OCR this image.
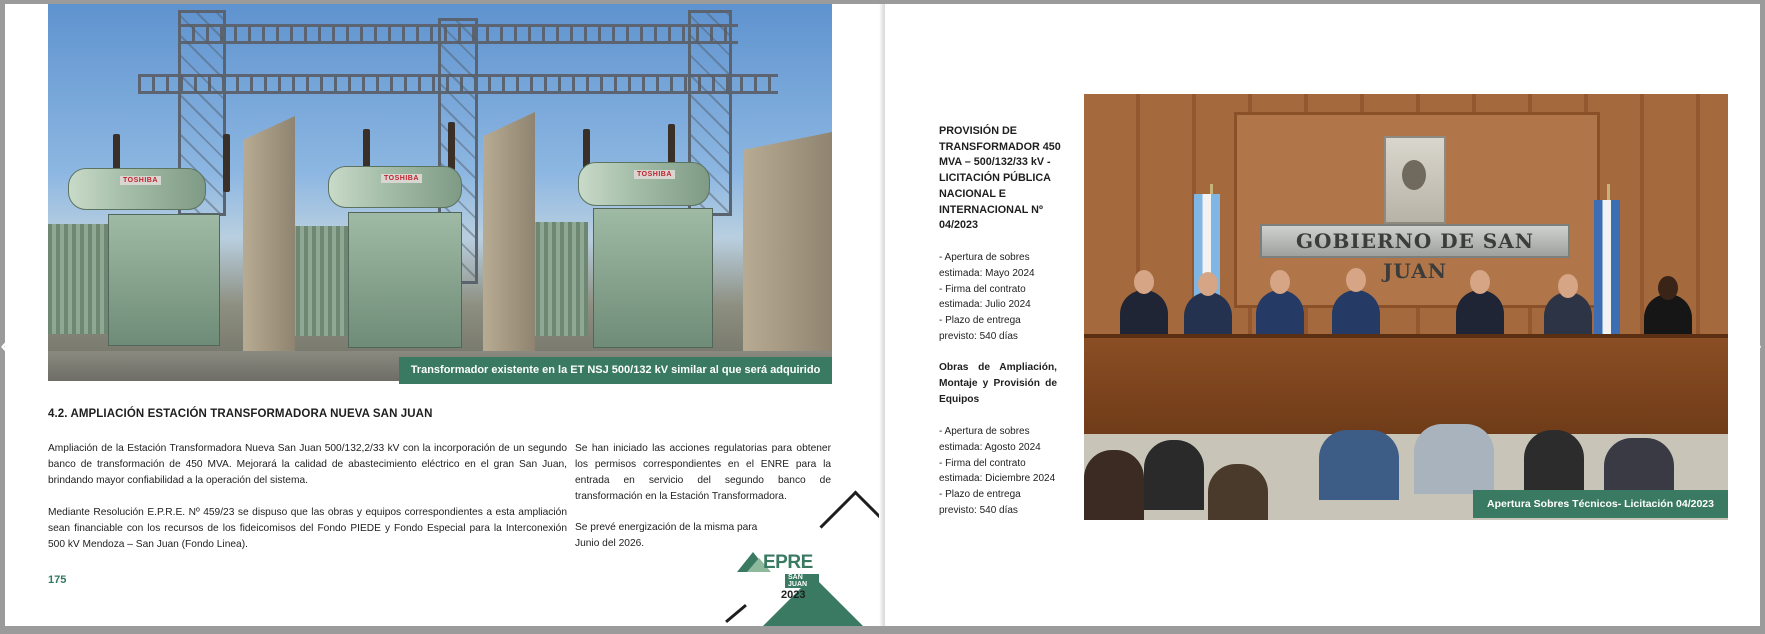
TOSHIBA	TOSHIBA
TOSHIBA
Transformador existente en la ET NSJ 500/132 kV similar al que será adquirido
4.2. AMPLIACIÓN ESTACIÓN TRANSFORMADORA NUEVA SAN JUAN

Ampliación de la Estación Transformadora Nueva San Juan 500/132,2/33 kV con la incorporación de un segundo banco de transformación de 450 MVA. Mejorará la calidad de abastecimiento eléctrico en el gran San Juan, brindando mayor confiabilidad a la operación del sistema.

Mediante Resolución E.P.R.E. Nº 459/23 se dispuso que las obras y equipos correspondientes a esta ampliación sean financiable con los recursos de los fideicomisos del Fondo PIEDE y Fondo Especial para la Interconexión 500 kV Mendoza – San Juan (Fondo Linea).

Se han iniciado las acciones regulatorias para obtener los permisos correspondientes en el ENRE para la entrada en servicio del segundo banco de transformación en la Estación Transformadora.

Se prevé energización de la misma para Junio del 2026.

175
EPRE
SAN JUAN
2023

PROVISIÓN DE TRANSFORMADOR 450 MVA – 500/132/33 kV - LICITACIÓN PÚBLICA NACIONAL E INTERNACIONAL Nº 04/2023

- Apertura de sobres estimada: Mayo 2024
- Firma del contrato estimada: Julio 2024
- Plazo de entrega previsto: 540 días

Obras de Ampliación, Montaje y Provisión de Equipos

- Apertura de sobres estimada: Agosto 2024
- Firma del contrato estimada: Diciembre 2024
- Plazo de entrega previsto: 540 días

GOBIERNO DE SAN JUAN
Apertura Sobres Técnicos- Licitación 04/2023
‹	›
